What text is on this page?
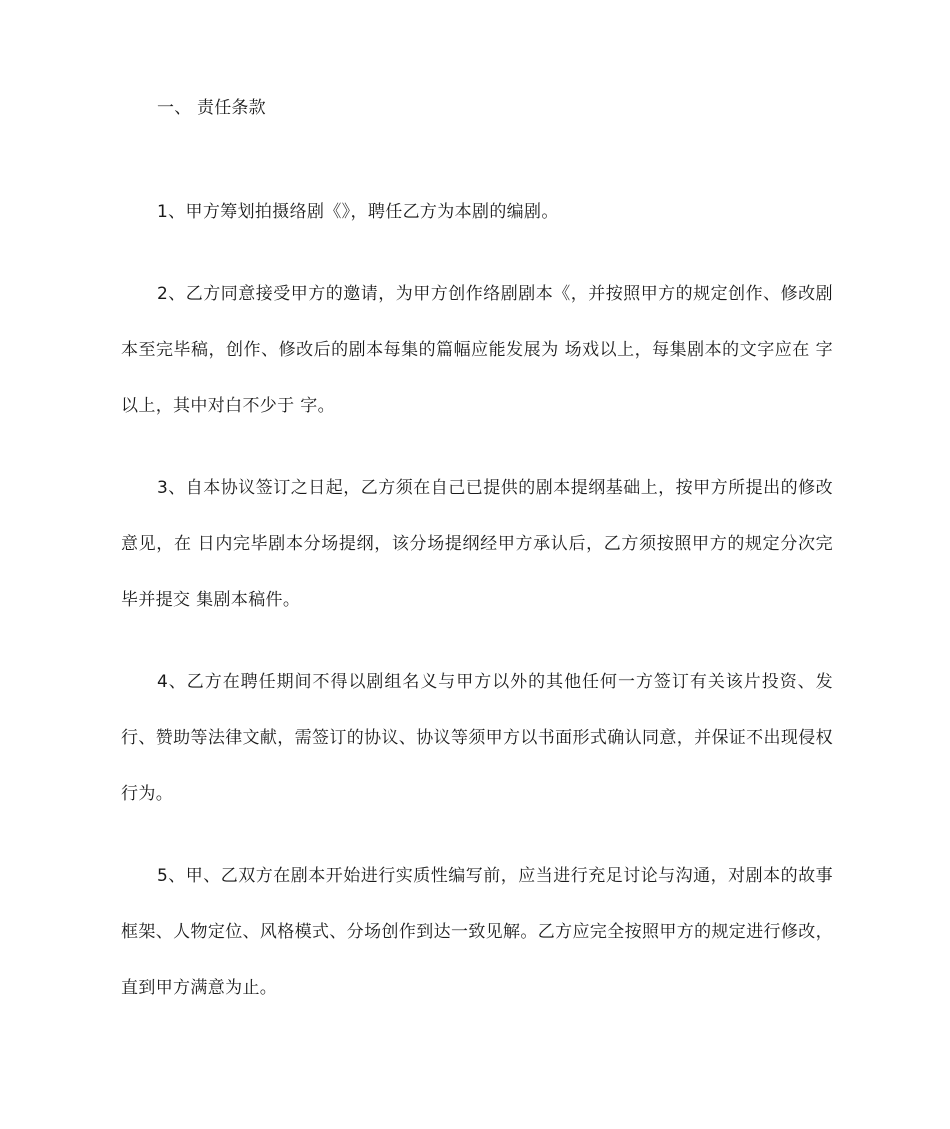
一、 责任条款

1、甲方筹划拍摄络剧《》，聘任乙方为本剧的编剧。

2、乙方同意接受甲方的邀请，为甲方创作络剧剧本《，并按照甲方的规定创作、修改剧本至完毕稿，创作、修改后的剧本每集的篇幅应能发展为 场戏以上，每集剧本的文字应在 字以上，其中对白不少于 字。

3、自本协议签订之日起，乙方须在自己已提供的剧本提纲基础上，按甲方所提出的修改意见，在 日内完毕剧本分场提纲，该分场提纲经甲方承认后，乙方须按照甲方的规定分次完毕并提交 集剧本稿件。

4、乙方在聘任期间不得以剧组名义与甲方以外的其他任何一方签订有关该片投资、发行、赞助等法律文献，需签订的协议、协议等须甲方以书面形式确认同意，并保证不出现侵权行为。

5、甲、乙双方在剧本开始进行实质性编写前，应当进行充足讨论与沟通，对剧本的故事框架、人物定位、风格模式、分场创作到达一致见解。乙方应完全按照甲方的规定进行修改，直到甲方满意为止。
